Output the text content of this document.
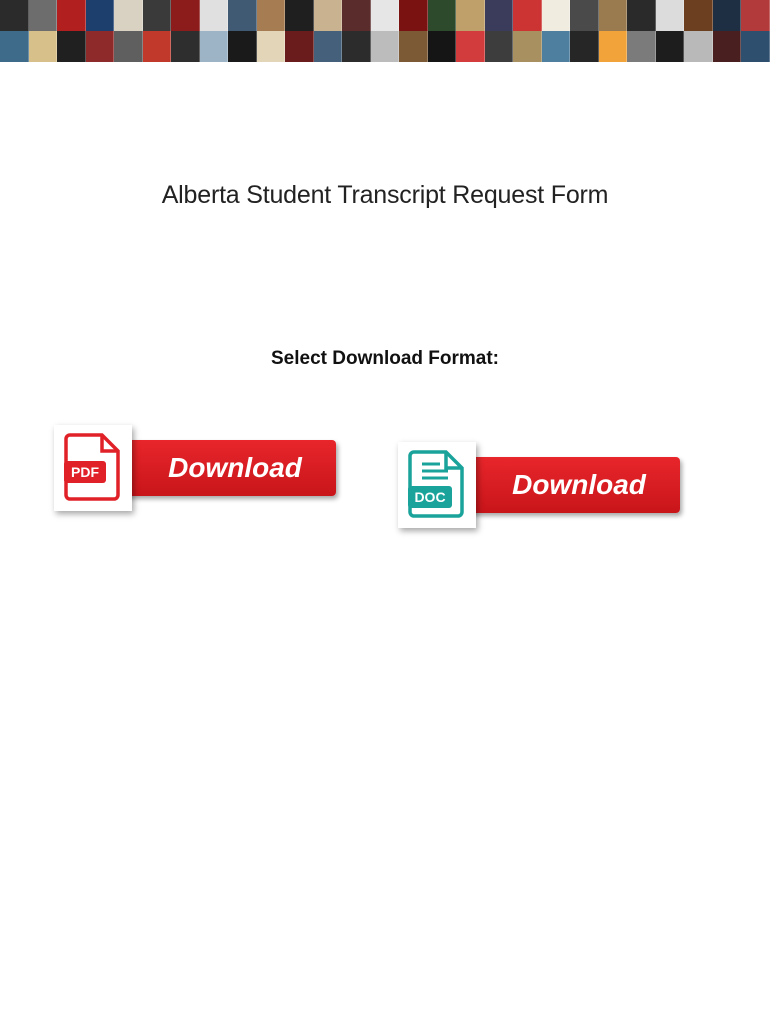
Alberta Student Transcript Request Form
Select Download Format:
PDF Download
DOC Download
